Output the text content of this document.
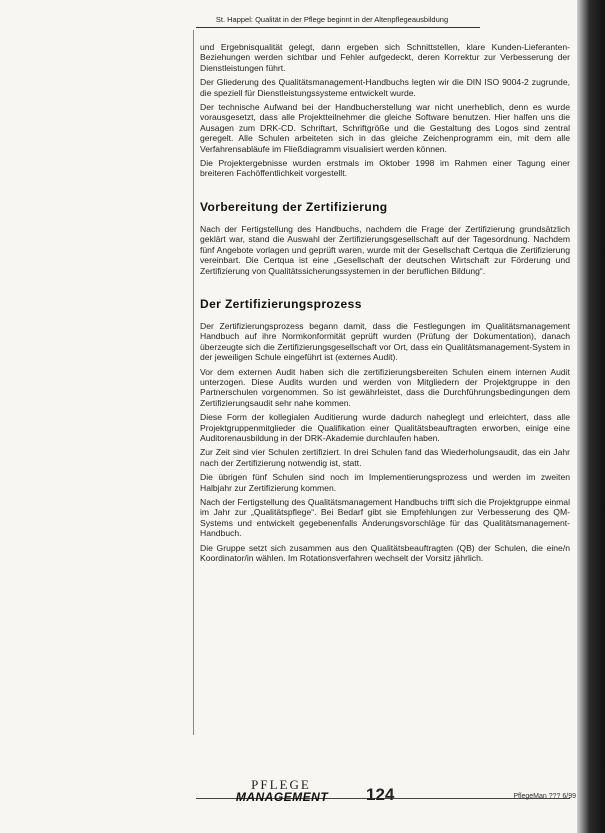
St. Happel: Qualität in der Pflege beginnt in der Altenpflegeausbildung

und Ergebnisqualität gelegt, dann ergeben sich Schnittstellen, klare Kunden-Lieferanten-Beziehungen werden sichtbar und Fehler aufgedeckt, deren Korrektur zur Verbesserung der Dienstleistungen führt.

Der Gliederung des Qualitätsmanagement-Handbuchs legten wir die DIN ISO 9004-2 zugrunde, die speziell für Dienstleistungssysteme entwickelt wurde.

Der technische Aufwand bei der Handbucherstellung war nicht unerheblich, denn es wurde vorausgesetzt, dass alle Projektteilnehmer die gleiche Software benutzen. Hier halfen uns die Ausagen zum DRK-CD. Schriftart, Schriftgröße und die Gestaltung des Logos sind zentral geregelt. Alle Schulen arbeiteten sich in das gleiche Zeichenprogramm ein, mit dem alle Verfahrensabläufe im Fließdiagramm visualisiert werden können.

Die Projektergebnisse wurden erstmals im Oktober 1998 im Rahmen einer Tagung einer breiteren Fachöffentlichkeit vorgestellt.

Vorbereitung der Zertifizierung

Nach der Fertigstellung des Handbuchs, nachdem die Frage der Zertifizierung grundsätzlich geklärt war, stand die Auswahl der Zertifizierungsgesellschaft auf der Tagesordnung. Nachdem fünf Angebote vorlagen und geprüft waren, wurde mit der Gesellschaft Certqua die Zertifizierung vereinbart. Die Certqua ist eine „Gesellschaft der deutschen Wirtschaft zur Förderung und Zertifizierung von Qualitätssicherungssystemen in der beruflichen Bildung“.

Der Zertifizierungsprozess

Der Zertifizierungsprozess begann damit, dass die Festlegungen im Qualitätsmanagement Handbuch auf ihre Normkonformität geprüft wurden (Prüfung der Dokumentation), danach überzeugte sich die Zertifizierungsgesellschaft vor Ort, dass ein Qualitätsmanagement-System in der jeweiligen Schule eingeführt ist (externes Audit).

Vor dem externen Audit haben sich die zertifizierungsbereiten Schulen einem internen Audit unterzogen. Diese Audits wurden und werden von Mitgliedern der Projektgruppe in den Partnerschulen vorgenommen. So ist gewährleistet, dass die Durchführungsbedingungen dem Zertifizierungsaudit sehr nahe kommen.

Diese Form der kollegialen Auditierung wurde dadurch naheglegt und erleichtert, dass alle Projektgruppenmitglieder die Qualifikation einer Qualitätsbeauftragten erworben, einige eine Auditorenausbildung in der DRK-Akademie durchlaufen haben.

Zur Zeit sind vier Schulen zertifiziert. In drei Schulen fand das Wiederholungsaudit, das ein Jahr nach der Zertifizierung notwendig ist, statt.

Die übrigen fünf Schulen sind noch im Implementierungsprozess und werden im zweiten Halbjahr zur Zertifizierung kommen.

Nach der Fertigstellung des Qualitätsmanagement Handbuchs trifft sich die Projektgruppe einmal im Jahr zur „Qualitätspflege“. Bei Bedarf gibt sie Empfehlungen zur Verbesserung des QM-Systems und entwickelt gegebenenfalls Änderungsvorschläge für das Qualitätsmanagement-Handbuch.

Die Gruppe setzt sich zusammen aus den Qualitätsbeauftragten (QB) der Schulen, die eine/n Koordinator/in wählen. Im Rotationsverfahren wechselt der Vorsitz jährlich.

PFLEGE
MANAGEMENT	124	PflegeMan ??? 6/99
